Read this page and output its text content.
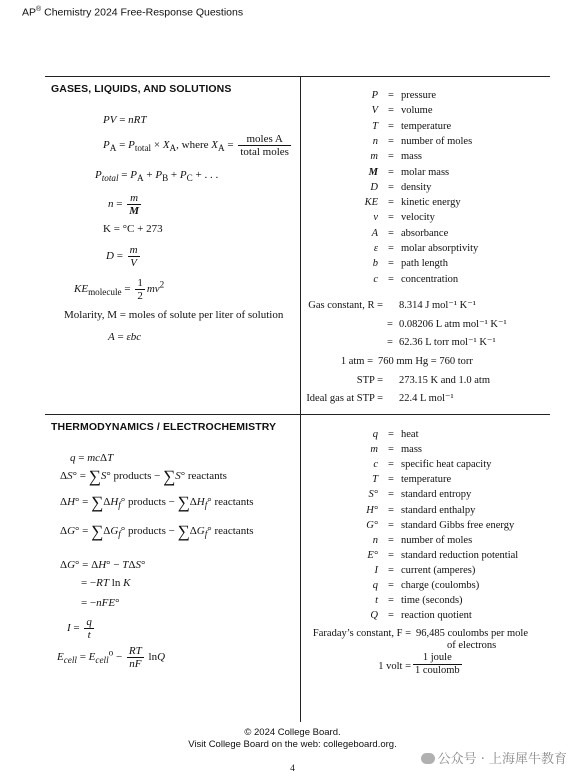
AP® Chemistry 2024 Free-Response Questions
GASES, LIQUIDS, AND SOLUTIONS
PV = nRT
$P_A = P_{total} \times X_A$, where $X_A = \frac{\text{moles A}}{\text{total moles}}$
$P_{total} = P_A + P_B + P_C$ + . . .
$n = \frac{m}{M}$
K = °C + 273
$D = \frac{m}{V}$
$KE_{molecule} = \frac{1}{2} mv^2$
Molarity, M = moles of solute per liter of solution
A = εbc
P = pressure
V = volume
T = temperature
n = number of moles
m = mass
M = molar mass
D = density
KE = kinetic energy
v = velocity
A = absorbance
ε = molar absorptivity
b = path length
c = concentration
Gas constant, R = 8.314 J mol⁻¹ K⁻¹
= 0.08206 L atm mol⁻¹ K⁻¹
= 62.36 L torr mol⁻¹ K⁻¹
1 atm = 760 mm Hg = 760 torr
STP = 273.15 K and 1.0 atm
Ideal gas at STP = 22.4 L mol⁻¹
THERMODYNAMICS / ELECTROCHEMISTRY
q = mcΔT
ΔS° = ∑S° products − ∑S° reactants
$\Delta H^\circ = \sum\Delta H_f^\circ$ products − $\sum\Delta H_f^\circ$ reactants
$\Delta G^\circ = \sum\Delta G_f^\circ$ products − $\sum\Delta G_f^\circ$ reactants
ΔG° = ΔH° − TΔS°
= −RT ln K
= −nFE°
$I = \frac{q}{t}$
$E_{cell} = E_{cell}^o - \frac{RT}{nF}$ lnQ
q = heat
m = mass
c = specific heat capacity
T = temperature
S° = standard entropy
H° = standard enthalpy
G° = standard Gibbs free energy
n = number of moles
E° = standard reduction potential
I = current (amperes)
q = charge (coulombs)
t = time (seconds)
Q = reaction quotient
Faraday’s constant, F = 96,485 coulombs per mole
of electrons
1 volt = $\frac{\text{1 joule}}{\text{1 coulomb}}$
© 2024 College Board.
Visit College Board on the web: collegeboard.org.
4
公众号 · 上海犀牛教育
